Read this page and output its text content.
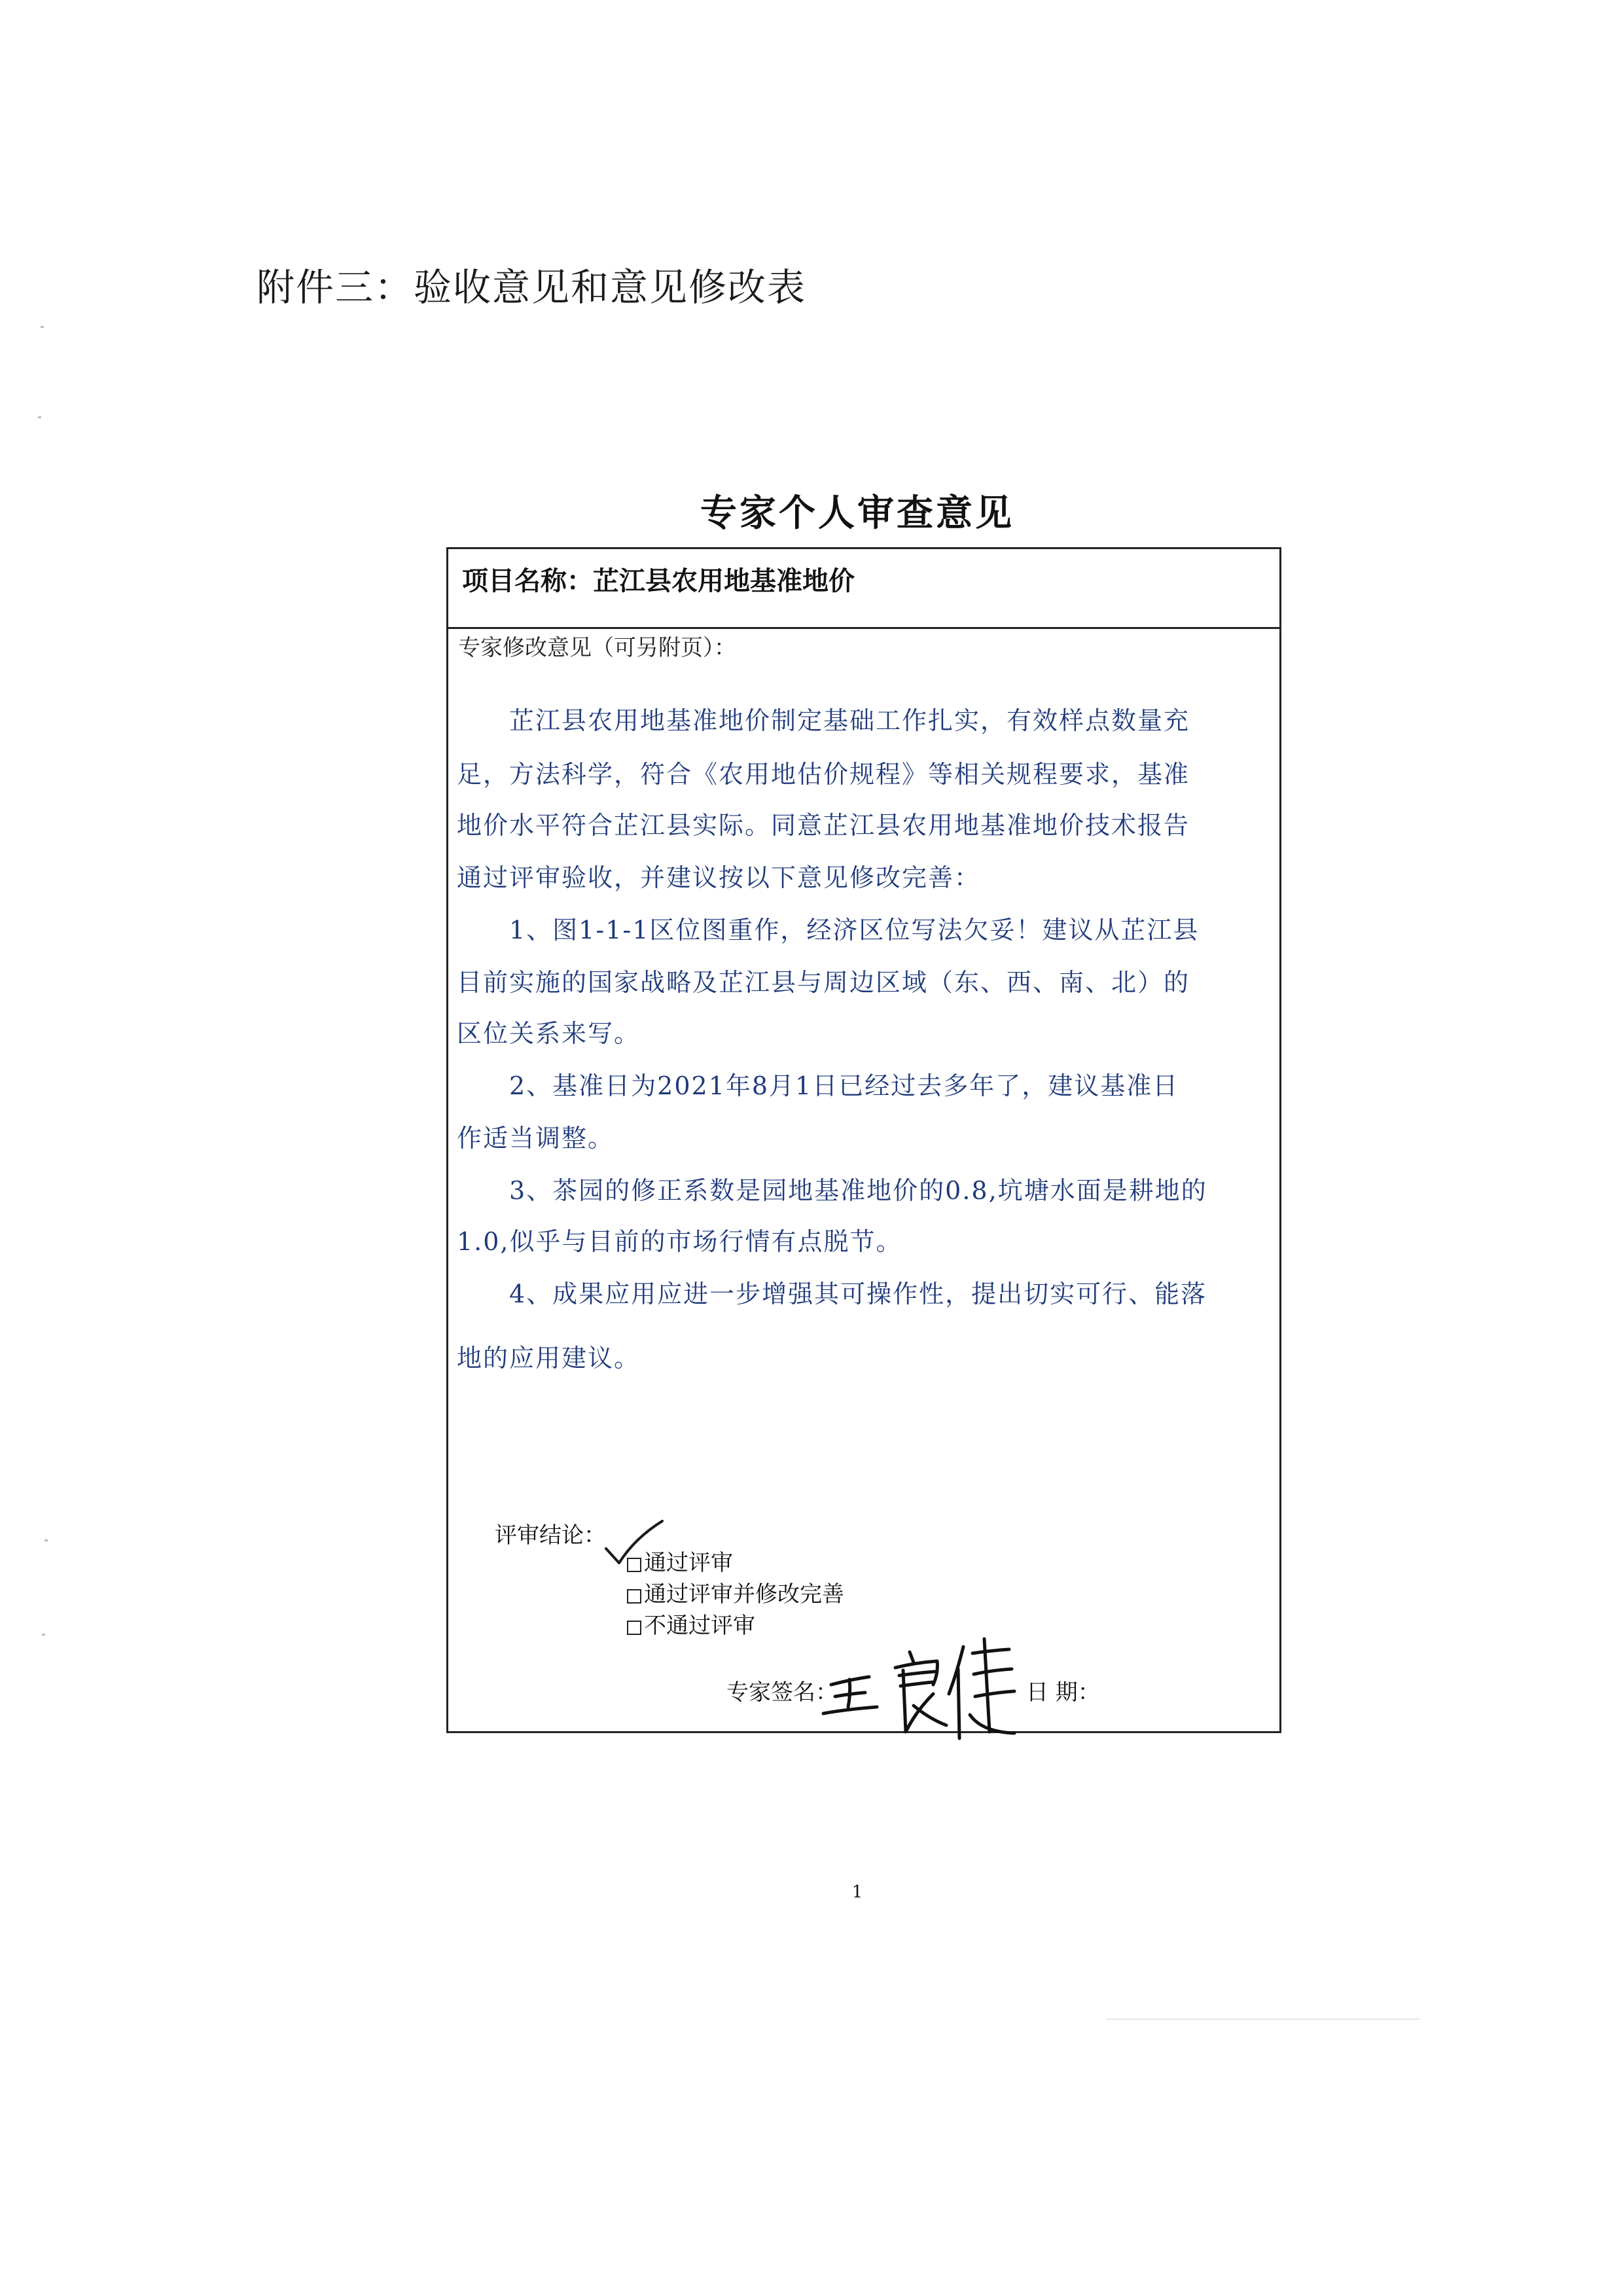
附件三：验收意见和意见修改表
专家个人审查意见
项目名称：芷江县农用地基准地价
专家修改意见（可另附页）：
　　芷江县农用地基准地价制定基础工作扎实，有效样点数量充
足，方法科学，符合《农用地估价规程》等相关规程要求，基准
地价水平符合芷江县实际。同意芷江县农用地基准地价技术报告
通过评审验收，并建议按以下意见修改完善：
　　1、图1-1-1区位图重作，经济区位写法欠妥！建议从芷江县
目前实施的国家战略及芷江县与周边区域（东、西、南、北）的
区位关系来写。
　　2、基准日为2021年8月1日已经过去多年了，建议基准日
作适当调整。
　　3、茶园的修正系数是园地基准地价的0.8,坑塘水面是耕地的
1.0,似乎与目前的市场行情有点脱节。
　　4、成果应用应进一步增强其可操作性，提出切实可行、能落
地的应用建议。
评审结论：
通过评审
通过评审并修改完善
不通过评审
专家签名：	日 期：
1
